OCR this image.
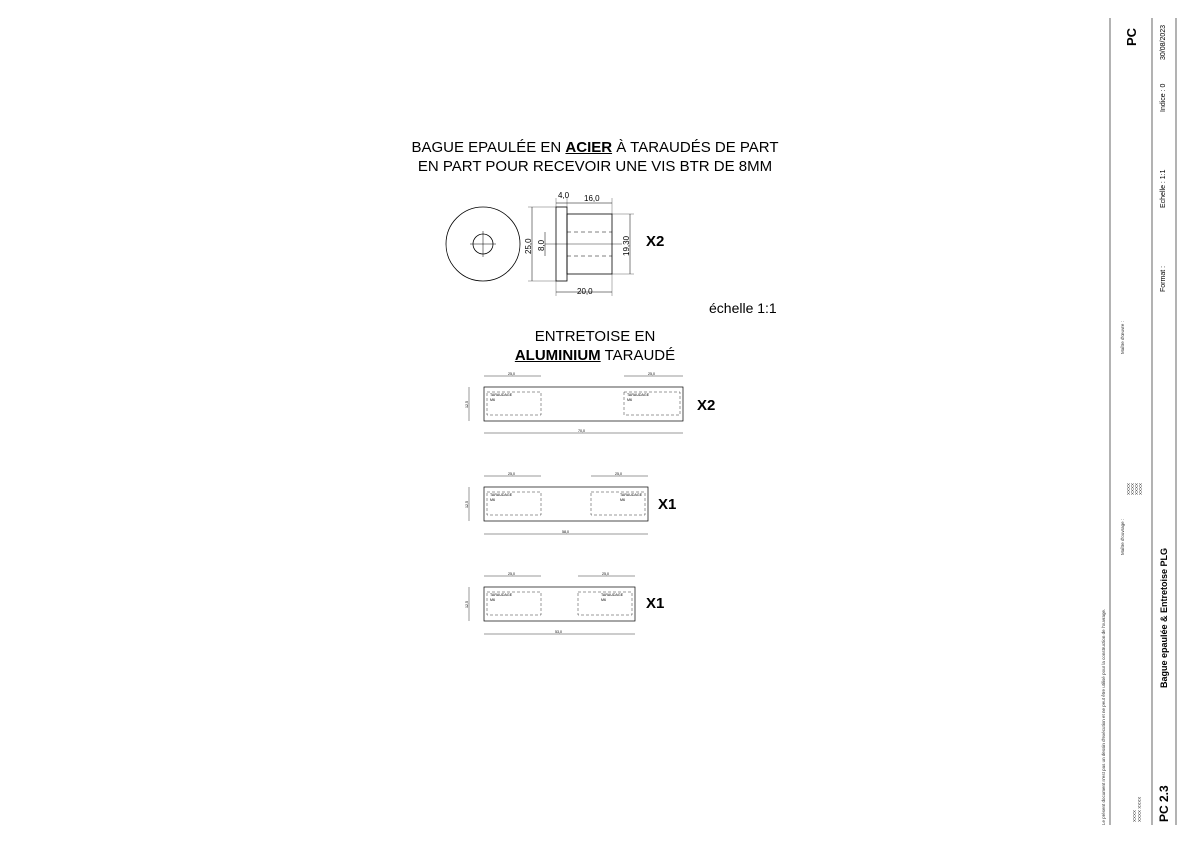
BAGUE EPAULÉE EN ACIER À TARAUDÉS DE PART
EN PART POUR RECEVOIR UNE VIS BTR DE 8MM
ENTRETOISE EN
ALUMINIUM TARAUDÉ
échelle 1:1
X2
X2
X1
X1
4,0 16,0
20,0
25,0 8,0	19,30
25,0	25,0
70,0
12,5
TARAUDAGE
M6
TARAUDAGE
M6
25,0	25,0
58,0
12,5
TARAUDAGE
M6
TARAUDAGE
M6
25,0	25,0
53,0
12,5
TARAUDAGE
M6
TARAUDAGE
M6
PC	30/08/2023
Indice : 0
Echelle : 1:1
Format :
Maître d'œuvre :
Maître d'ouvrage :
XXXX XXXX XXXX XXXX
Le présent document n'est pas un dessin d'exécution et ne peut être utilisé pour la construction de l'ouvrage.	Bague epaulée & Entretoise PLG
PC 2.3
XXXX XXXX XXXX
